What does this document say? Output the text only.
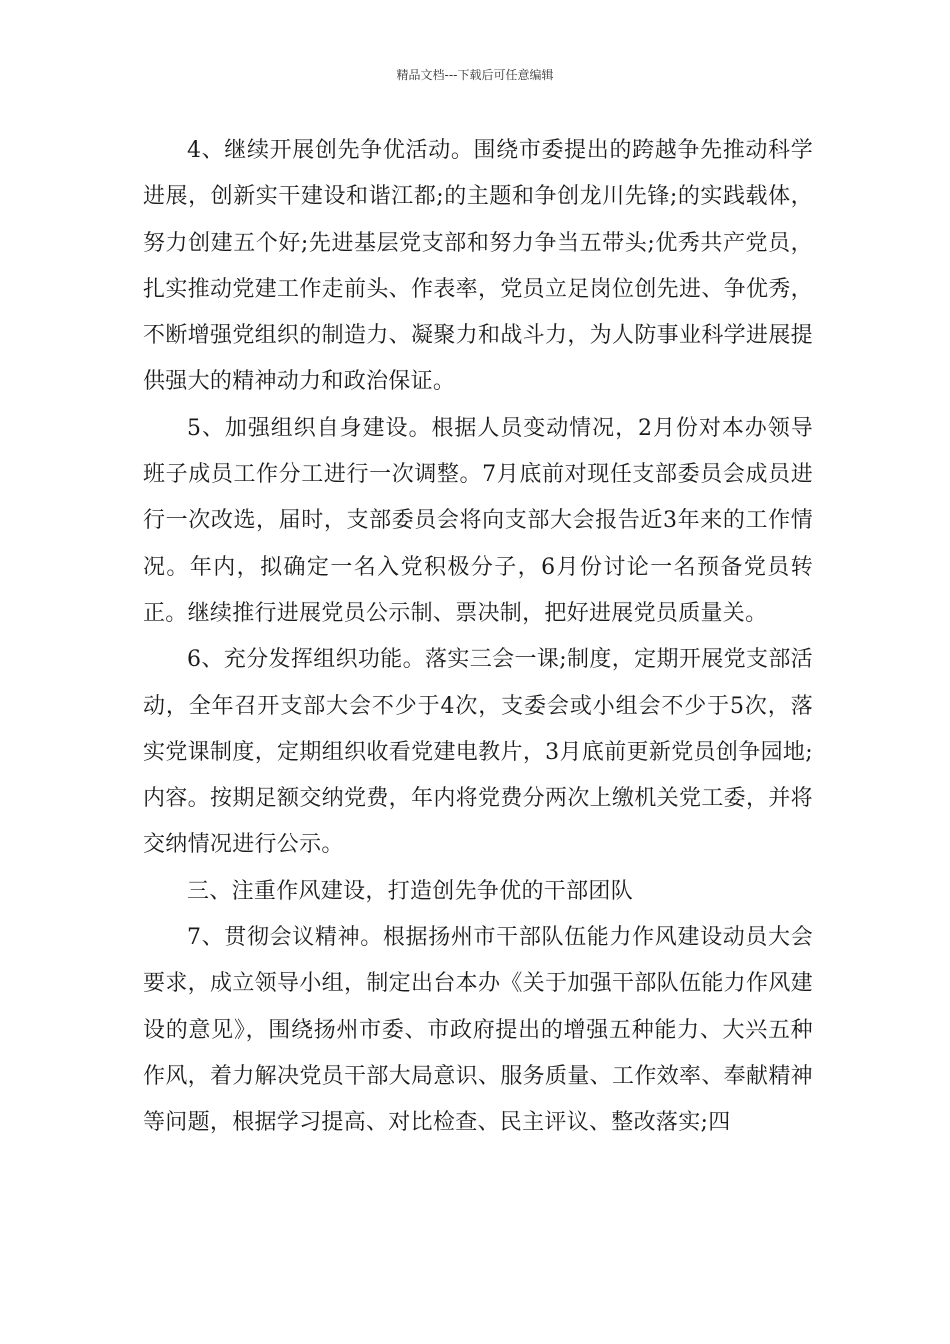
精品文档---下载后可任意编辑

4、继续开展创先争优活动。围绕市委提出的跨越争先推动科学进展，创新实干建设和谐江都;的主题和争创龙川先锋;的实践载体，努力创建五个好;先进基层党支部和努力争当五带头;优秀共产党员，扎实推动党建工作走前头、作表率，党员立足岗位创先进、争优秀，不断增强党组织的制造力、凝聚力和战斗力，为人防事业科学进展提供强大的精神动力和政治保证。

5、加强组织自身建设。根据人员变动情况，2月份对本办领导班子成员工作分工进行一次调整。7月底前对现任支部委员会成员进行一次改选，届时，支部委员会将向支部大会报告近3年来的工作情况。年内，拟确定一名入党积极分子，6月份讨论一名预备党员转正。继续推行进展党员公示制、票决制，把好进展党员质量关。

6、充分发挥组织功能。落实三会一课;制度，定期开展党支部活动，全年召开支部大会不少于4次，支委会或小组会不少于5次，落实党课制度，定期组织收看党建电教片，3月底前更新党员创争园地;内容。按期足额交纳党费，年内将党费分两次上缴机关党工委，并将交纳情况进行公示。

三、注重作风建设，打造创先争优的干部团队

7、贯彻会议精神。根据扬州市干部队伍能力作风建设动员大会要求，成立领导小组，制定出台本办《关于加强干部队伍能力作风建设的意见》，围绕扬州市委、市政府提出的增强五种能力、大兴五种作风，着力解决党员干部大局意识、服务质量、工作效率、奉献精神等问题，根据学习提高、对比检查、民主评议、整改落实;四
